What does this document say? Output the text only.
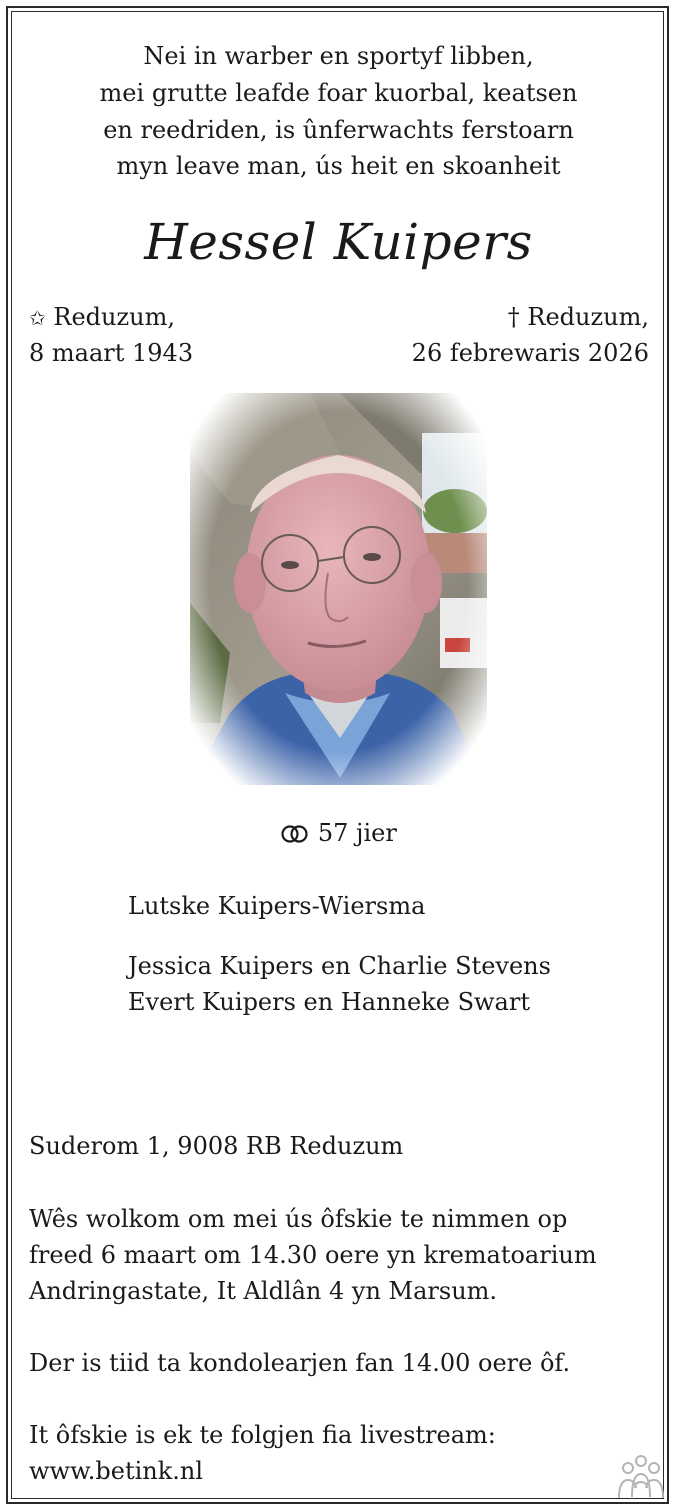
Nei in warber en sportyf libben,
mei grutte leafde foar kuorbal, keatsen
en reedriden, is ûnferwachts ferstoarn
myn leave man, ús heit en skoanheit
Hessel Kuipers
✩ Reduzum,
8 maart 1943
† Reduzum,
26 febrewaris 2026
57 jier
Lutske Kuipers-Wiersma
Jessica Kuipers en Charlie Stevens
Evert Kuipers en Hanneke Swart
Suderom 1, 9008 RB Reduzum
Wês wolkom om mei ús ôfskie te nimmen op
freed 6 maart om 14.30 oere yn krematoarium
Andringastate, It Aldlân 4 yn Marsum.
Der is tiid ta kondolearjen fan 14.00 oere ôf.
It ôfskie is ek te folgjen fia livestream:
www.betink.nl
